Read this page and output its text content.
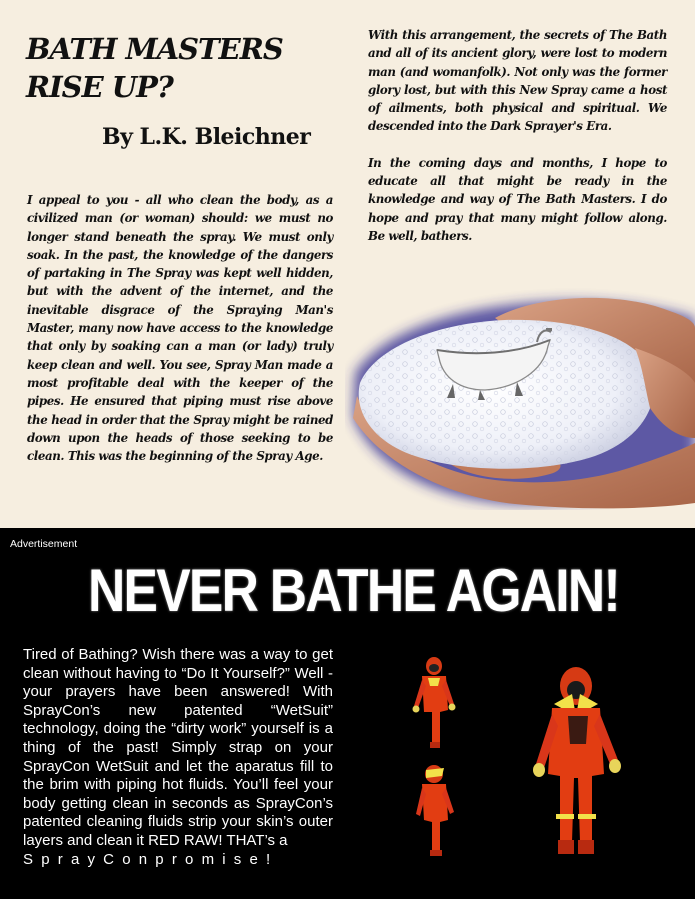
BATH MASTERS
RISE UP?
By L.K. Bleichner

I appeal to you - all who clean the body, as a civilized man (or woman) should: we must no longer stand beneath the spray. We must only soak. In the past, the knowledge of the dangers of partaking in The Spray was kept well hidden, but with the advent of the internet, and the inevitable disgrace of the Spraying Man's Master, many now have access to the knowledge that only by soaking can a man (or lady) truly keep clean and well. You see, Spray Man made a most profitable deal with the keeper of the pipes. He ensured that piping must rise above the head in order that the Spray might be rained down upon the heads of those seeking to be clean. This was the beginning of the Spray Age.

With this arrangement, the secrets of The Bath and all of its ancient glory, were lost to modern man (and womanfolk). Not only was the former glory lost, but with this New Spray came a host of ailments, both physical and spiritual. We descended into the Dark Sprayer's Era.

In the coming days and months, I hope to educate all that might be ready in the knowledge and way of The Bath Masters. I do hope and pray that many might follow along. Be well, bathers.

Advertisement
NEVER BATHE AGAIN!
Tired of Bathing? Wish there was a way to get clean without having to “Do It Yourself?” Well - your prayers have been answered! With SprayCon’s new patented “WetSuit” technology, doing the “dirty work” yourself is a thing of the past! Simply strap on your SprayCon WetSuit and let the aparatus fill to the brim with piping hot fluids. You’ll feel your body getting clean in seconds as SprayCon’s patented cleaning fluids strip your skin’s outer layers and clean it RED RAW! THAT’s a
SprayConpromise!
